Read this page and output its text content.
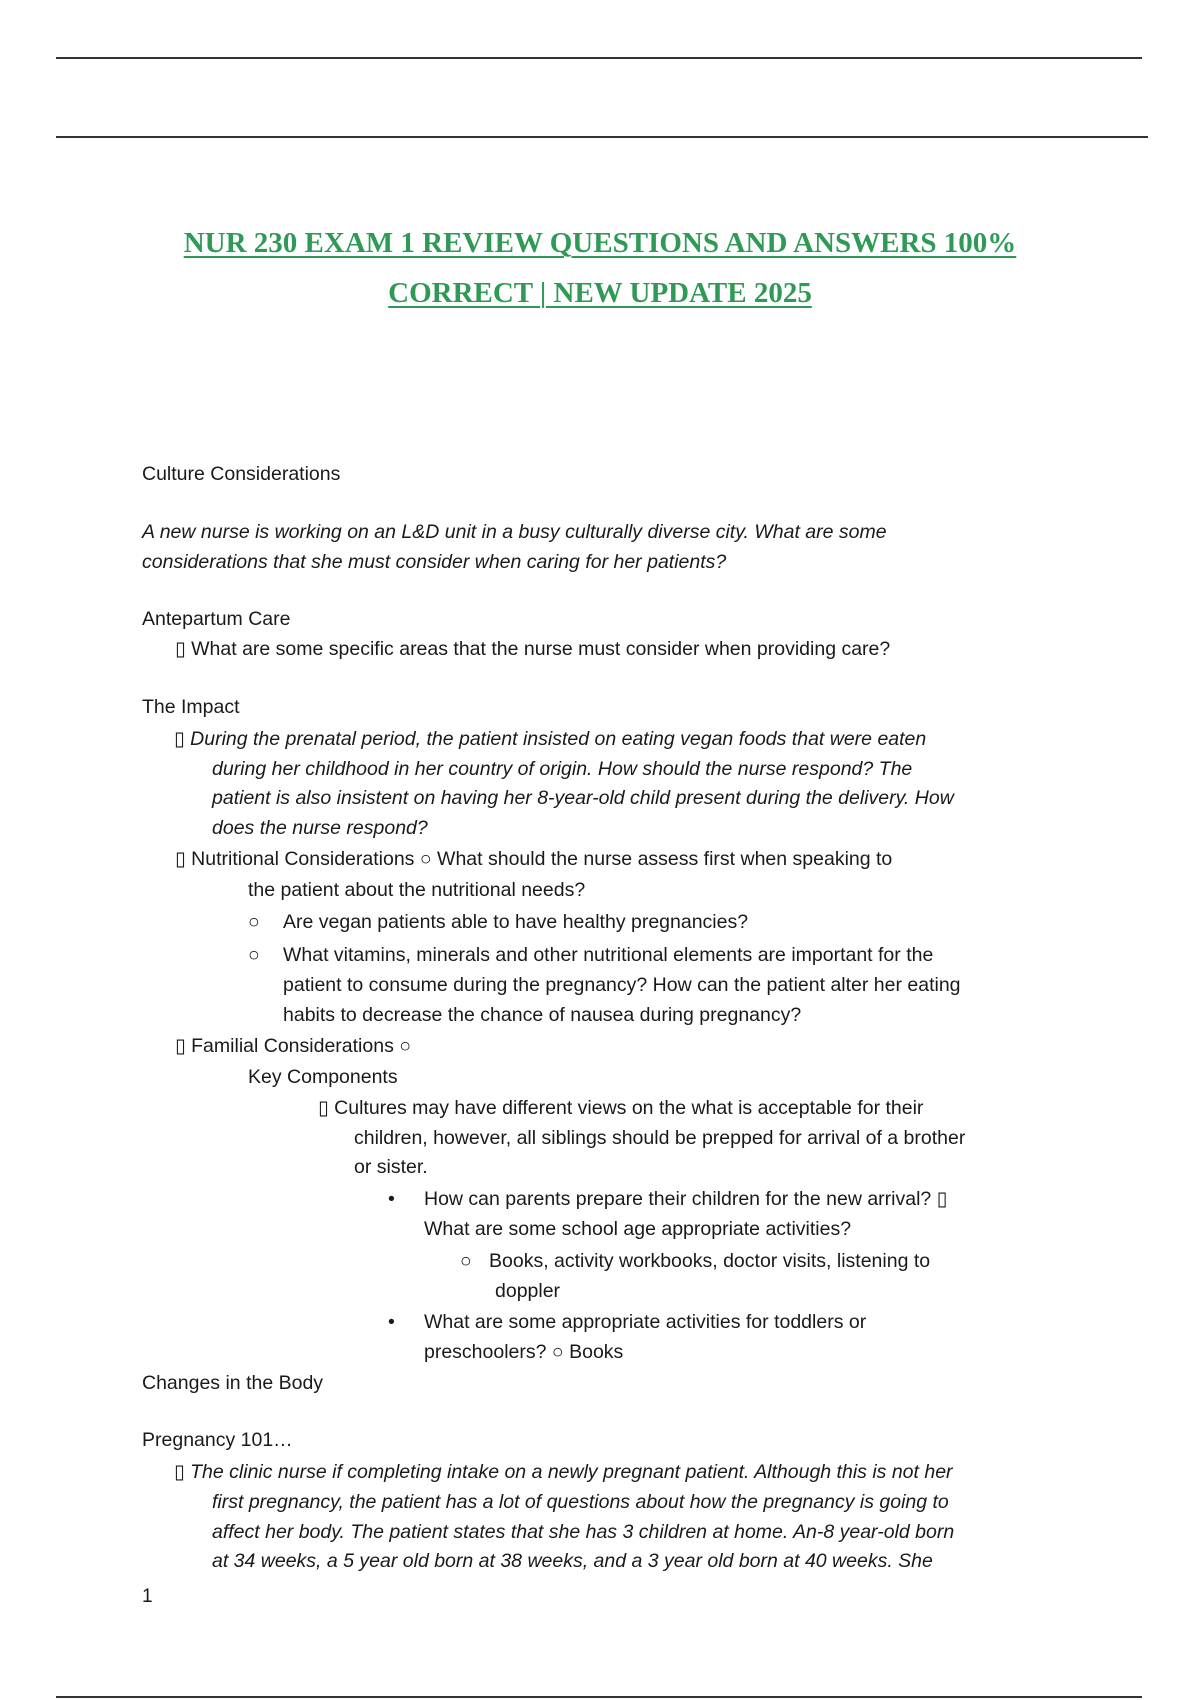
NUR 230 EXAM 1 REVIEW QUESTIONS AND ANSWERS 100%
CORRECT | NEW UPDATE 2025
Culture Considerations
A new nurse is working on an L&D unit in a busy culturally diverse city. What are some
considerations that she must consider when caring for her patients?
Antepartum Care
▯ What are some specific areas that the nurse must consider when providing care?
The Impact
▯ During the prenatal period, the patient insisted on eating vegan foods that were eaten
during her childhood in her country of origin. How should the nurse respond? The
patient is also insistent on having her 8-year-old child present during the delivery. How
does the nurse respond?
▯ Nutritional Considerations ○ What should the nurse assess first when speaking to
the patient about the nutritional needs?
○ Are vegan patients able to have healthy pregnancies?
○ What vitamins, minerals and other nutritional elements are important for the
patient to consume during the pregnancy? How can the patient alter her eating
habits to decrease the chance of nausea during pregnancy?
▯ Familial Considerations ○
Key Components
▯ Cultures may have different views on the what is acceptable for their
children, however, all siblings should be prepped for arrival of a brother
or sister.
• How can parents prepare their children for the new arrival? ▯
What are some school age appropriate activities?
○ Books, activity workbooks, doctor visits, listening to
doppler
• What are some appropriate activities for toddlers or
preschoolers? ○ Books
Changes in the Body
Pregnancy 101…
▯ The clinic nurse if completing intake on a newly pregnant patient. Although this is not her
first pregnancy, the patient has a lot of questions about how the pregnancy is going to
affect her body. The patient states that she has 3 children at home. An-8 year-old born
at 34 weeks, a 5 year old born at 38 weeks, and a 3 year old born at 40 weeks. She
1
